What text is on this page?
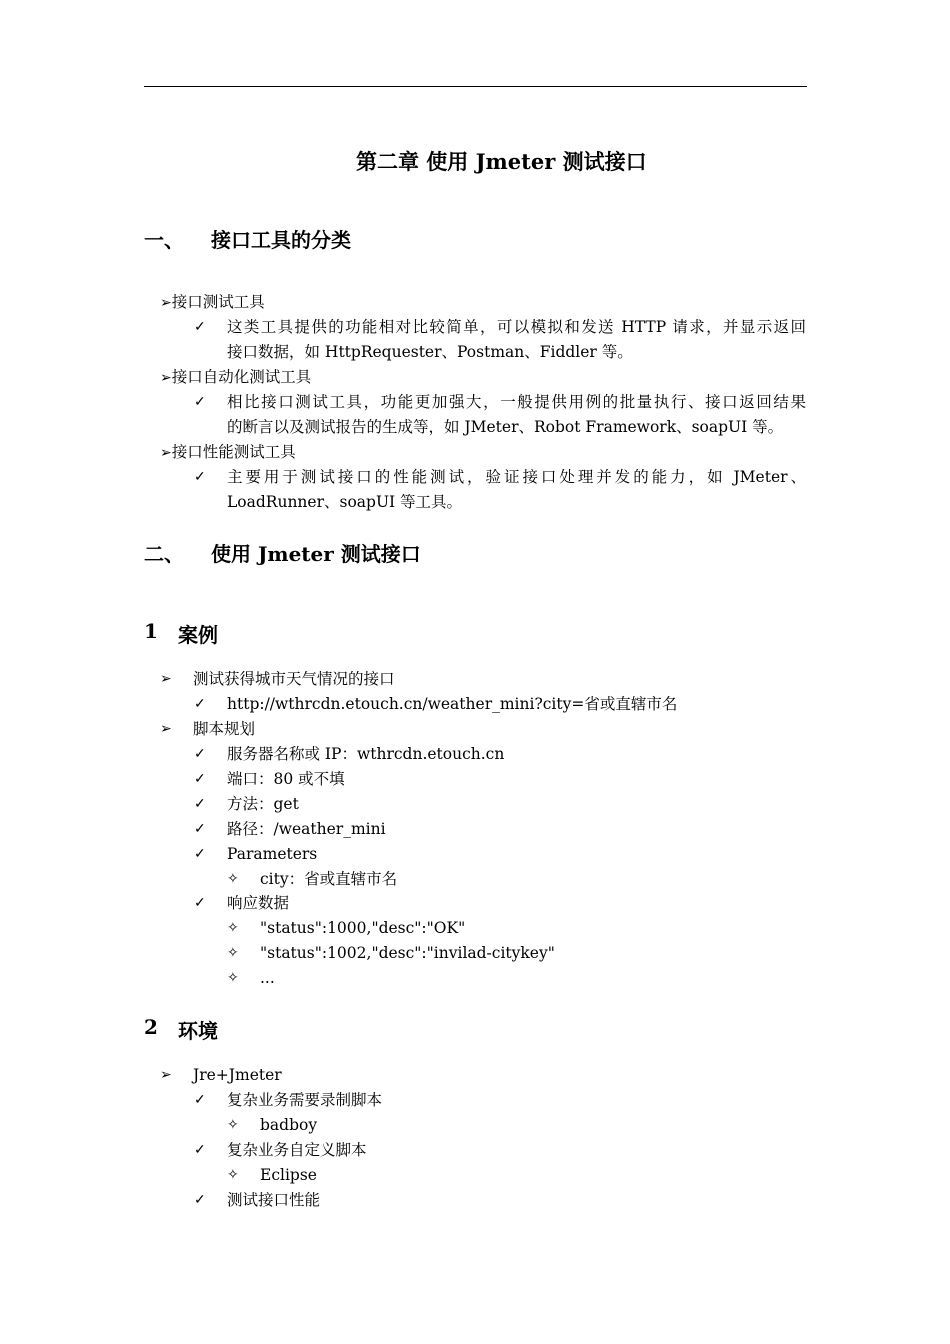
第二章 使用 Jmeter 测试接口
一、 接口工具的分类
➢接口测试工具
✓ 这类工具提供的功能相对比较简单，可以模拟和发送 HTTP 请求，并显示返回
接口数据，如 HttpRequester、Postman、Fiddler 等。
➢接口自动化测试工具
✓ 相比接口测试工具，功能更加强大，一般提供用例的批量执行、接口返回结果
的断言以及测试报告的生成等，如 JMeter、Robot Framework、soapUI 等。
➢接口性能测试工具
✓ 主要用于测试接口的性能测试，验证接口处理并发的能力，如 JMeter、
LoadRunner、soapUI 等工具。
二、 使用 Jmeter 测试接口
1 案例
➢ 测试获得城市天气情况的接口
✓ http://wthrcdn.etouch.cn/weather_mini?city=省或直辖市名
➢ 脚本规划
✓ 服务器名称或 IP：wthrcdn.etouch.cn
✓ 端口：80 或不填
✓ 方法：get
✓ 路径：/weather_mini
✓ Parameters
✧ city：省或直辖市名
✓ 响应数据
✧ "status":1000,"desc":"OK"
✧ "status":1002,"desc":"invilad-citykey"
✧ ...
2 环境
➢ Jre+Jmeter
✓ 复杂业务需要录制脚本
✧ badboy
✓ 复杂业务自定义脚本
✧ Eclipse
✓ 测试接口性能
